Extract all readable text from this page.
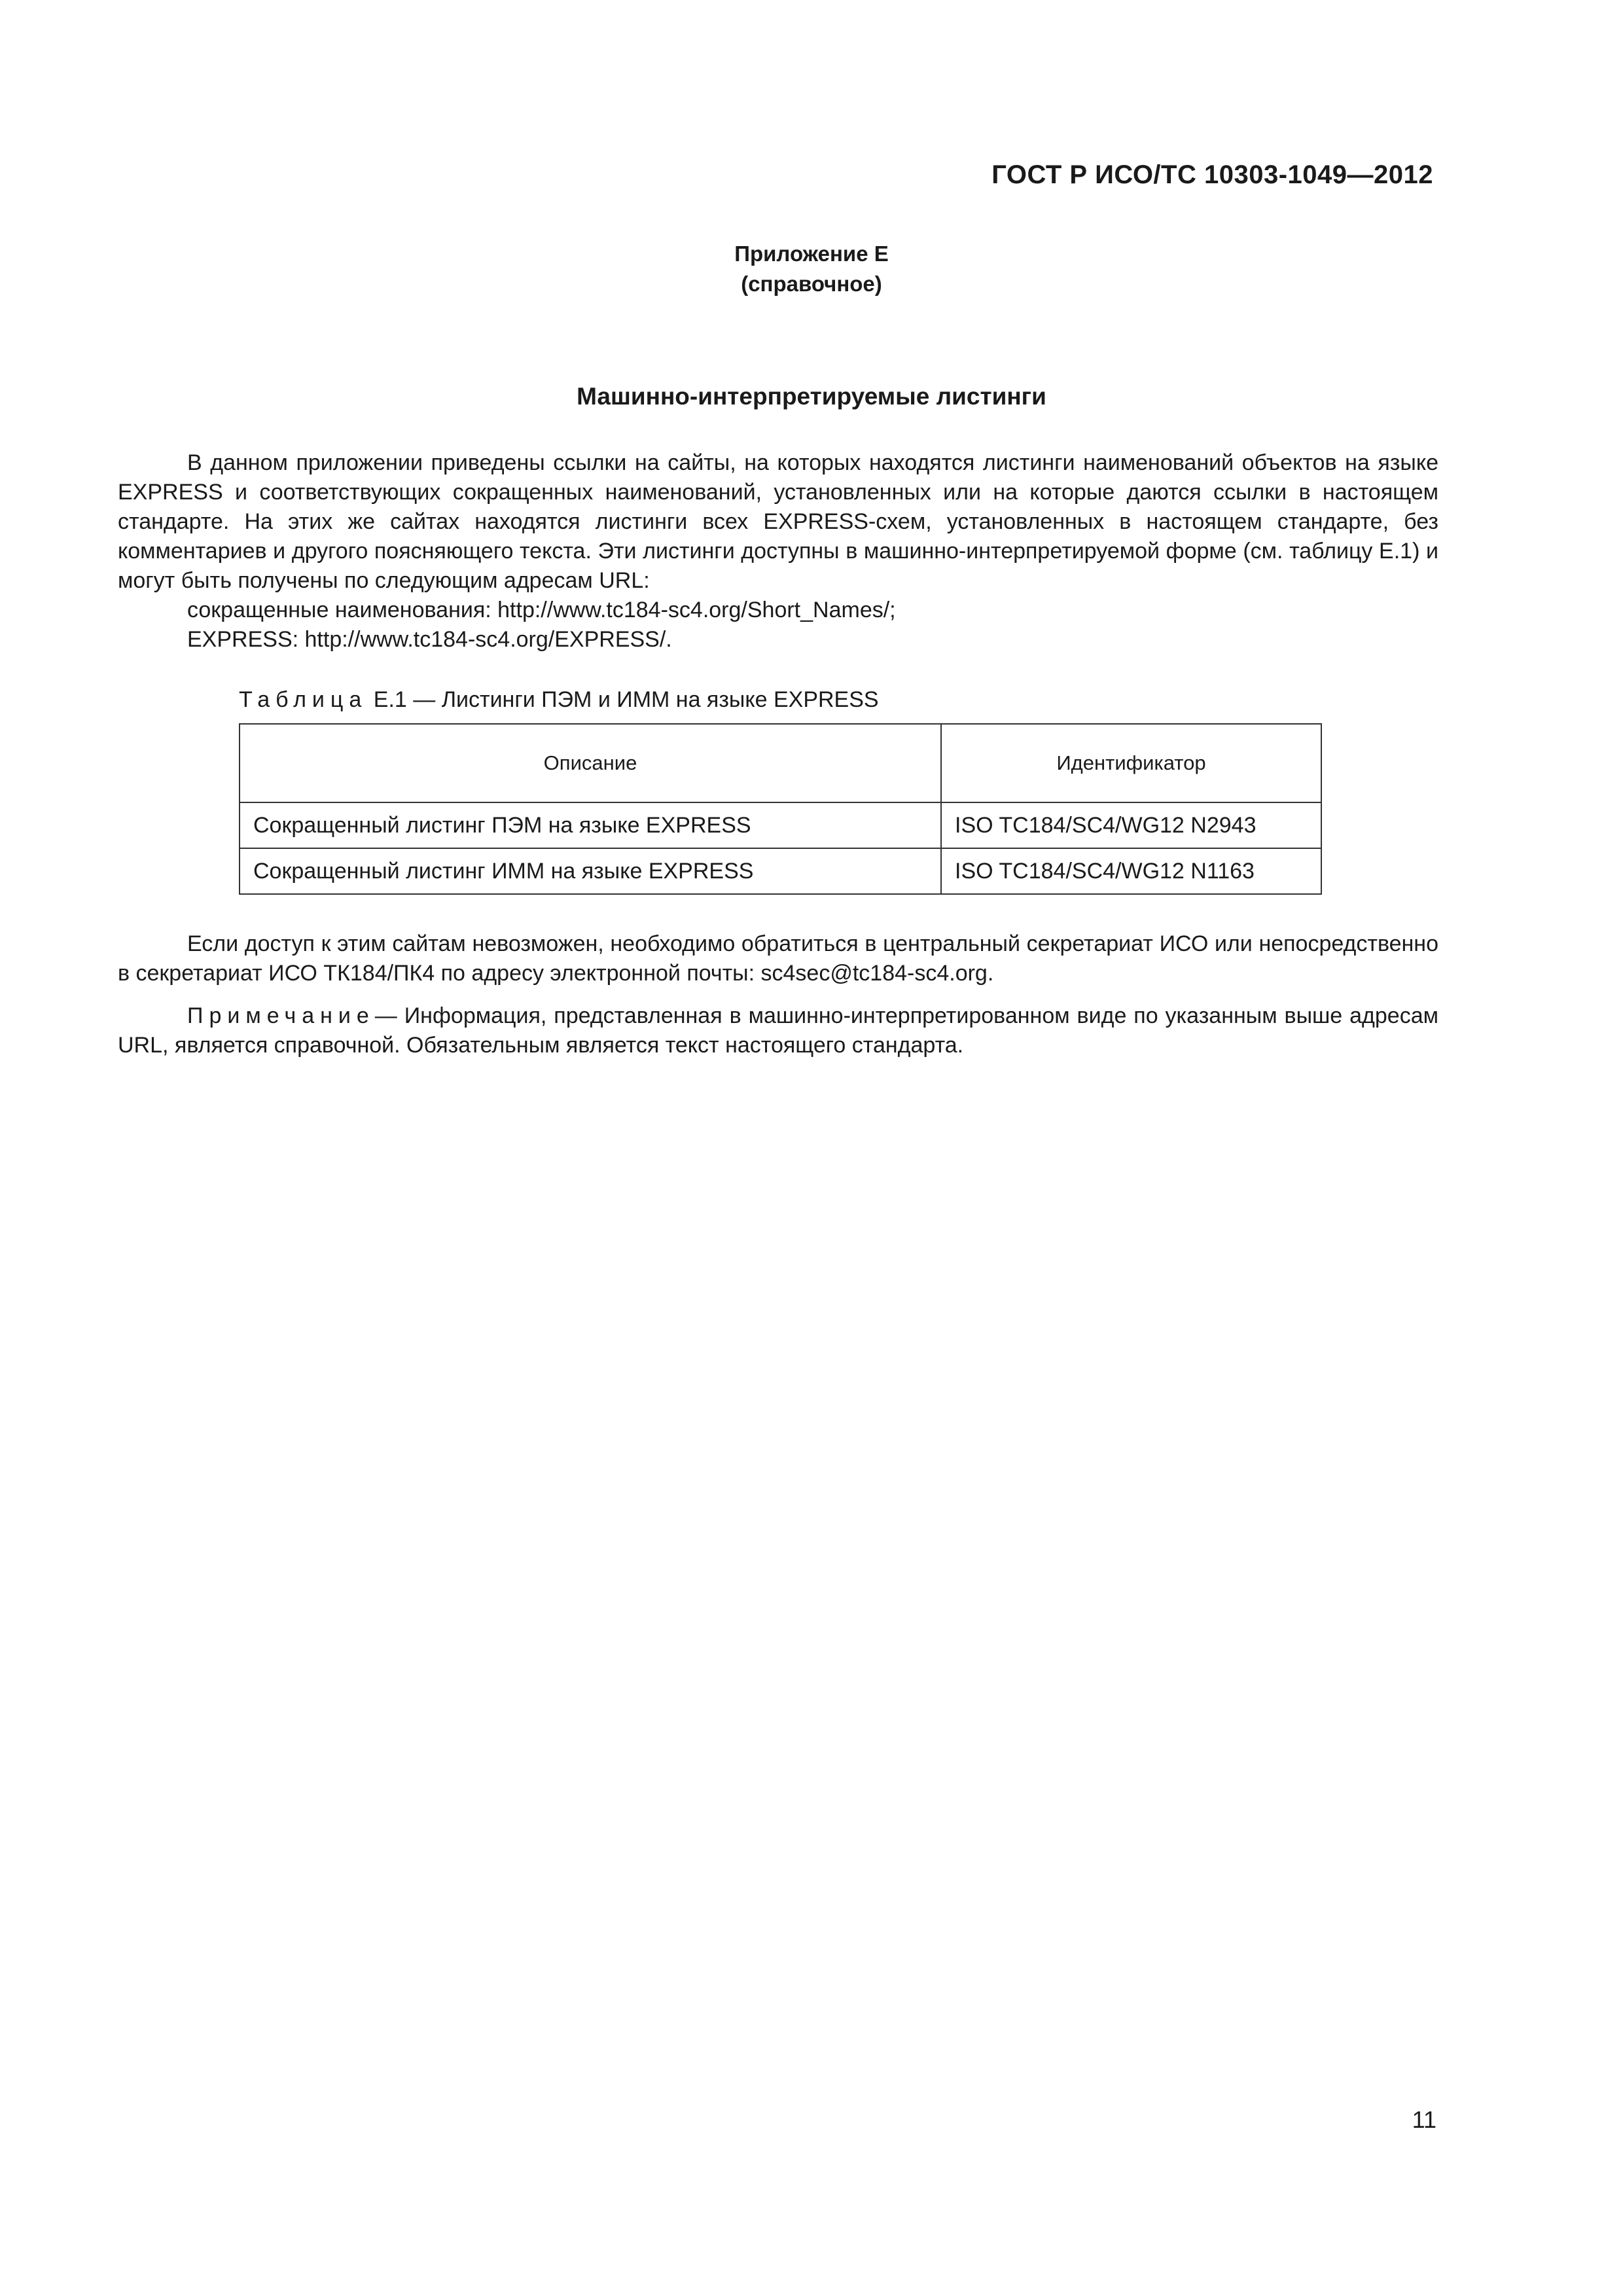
ГОСТ Р ИСО/ТС 10303-1049—2012
Приложение Е
(справочное)
Машинно-интерпретируемые листинги
В данном приложении приведены ссылки на сайты, на которых находятся листинги наименований объектов на языке EXPRESS и соответствующих сокращенных наименований, установленных или на которые даются ссылки в настоящем стандарте. На этих же сайтах находятся листинги всех EXPRESS-схем, установленных в настоящем стандарте, без комментариев и другого поясняющего текста. Эти листинги доступны в машинно-интерпретируемой форме (см. таблицу Е.1) и могут быть получены по следующим адресам URL:
сокращенные наименования: http://www.tc184-sc4.org/Short_Names/;
EXPRESS: http://www.tc184-sc4.org/EXPRESS/.
Таблица Е.1 — Листинги ПЭМ и ИММ на языке EXPRESS
Описание	Идентификатор
Сокращенный листинг ПЭМ на языке EXPRESS	ISO TC184/SC4/WG12 N2943
Сокращенный листинг ИММ на языке EXPRESS	ISO TC184/SC4/WG12 N1163

Если доступ к этим сайтам невозможен, необходимо обратиться в центральный секретариат ИСО или непосредственно в секретариат ИСО ТК184/ПК4 по адресу электронной почты: sc4sec@tc184-sc4.org.

Примечание— Информация, представленная в машинно-интерпретированном виде по указанным выше адресам URL, является справочной. Обязательным является текст настоящего стандарта.

11
